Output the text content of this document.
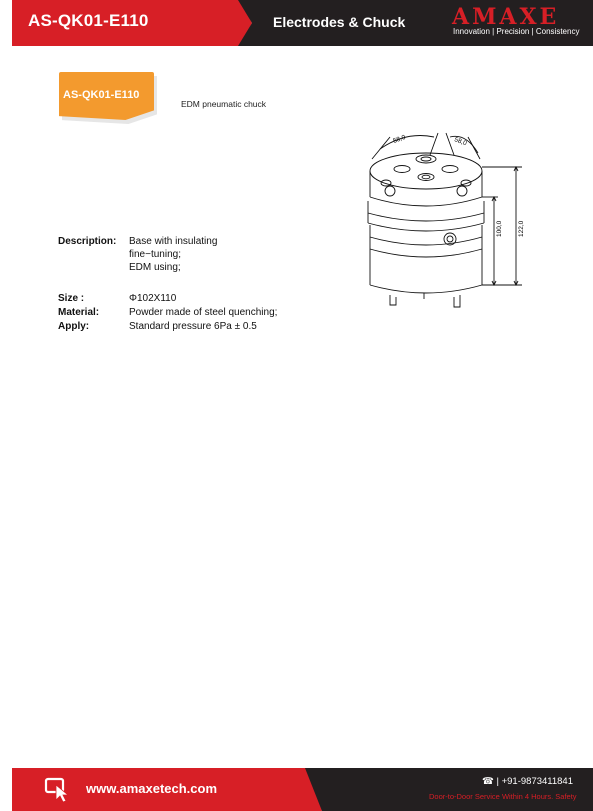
AS-QK01-E110	Electrodes & Chuck AMAXE
Innovation | Precision | Consistency
AS-QK01-E110
EDM pneumatic chuck
Description: Base with insulating
fine−tuning;
EDM using;
Size :	Φ102X110
Material:	Powder made of steel quenching;
Apply:	Standard pressure 6Pa ± 0.5
58,0	58,0
100,0 122,0
www.amaxetech.com	☎ | +91-9873411841
Door-to-Door Service Within 4 Hours. Safety
